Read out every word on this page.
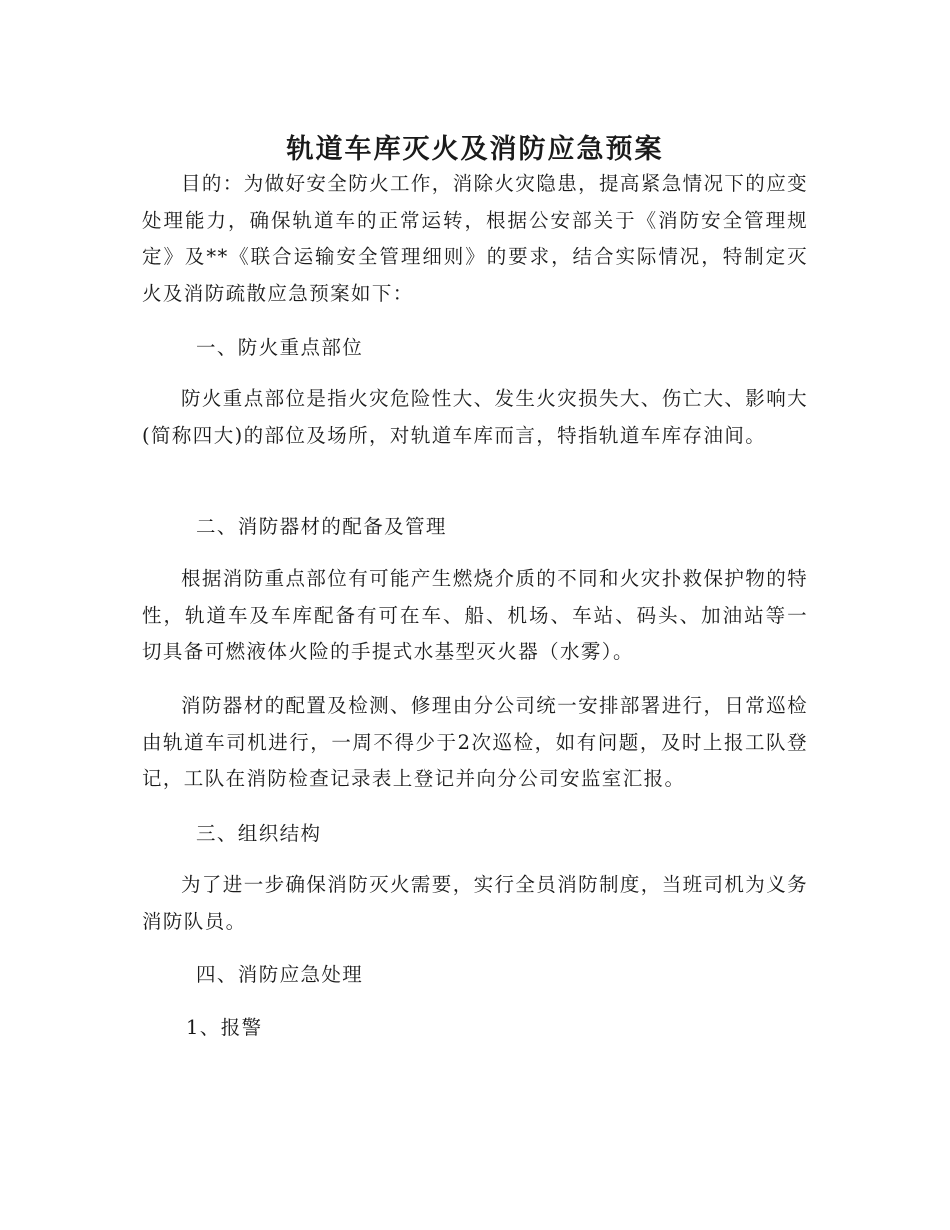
轨道车库灭火及消防应急预案

目的：为做好安全防火工作，消除火灾隐患，提高紧急情况下的应变处理能力，确保轨道车的正常运转，根据公安部关于《消防安全管理规定》及**《联合运输安全管理细则》的要求，结合实际情况，特制定灭火及消防疏散应急预案如下：

一、防火重点部位

防火重点部位是指火灾危险性大、发生火灾损失大、伤亡大、影响大(简称四大)的部位及场所，对轨道车库而言，特指轨道车库存油间。

二、消防器材的配备及管理

根据消防重点部位有可能产生燃烧介质的不同和火灾扑救保护物的特性，轨道车及车库配备有可在车、船、机场、车站、码头、加油站等一切具备可燃液体火险的手提式水基型灭火器（水雾）。

消防器材的配置及检测、修理由分公司统一安排部署进行，日常巡检由轨道车司机进行，一周不得少于2次巡检，如有问题，及时上报工队登记，工队在消防检查记录表上登记并向分公司安监室汇报。

三、组织结构

为了进一步确保消防灭火需要，实行全员消防制度，当班司机为义务消防队员。

四、消防应急处理

1、报警
